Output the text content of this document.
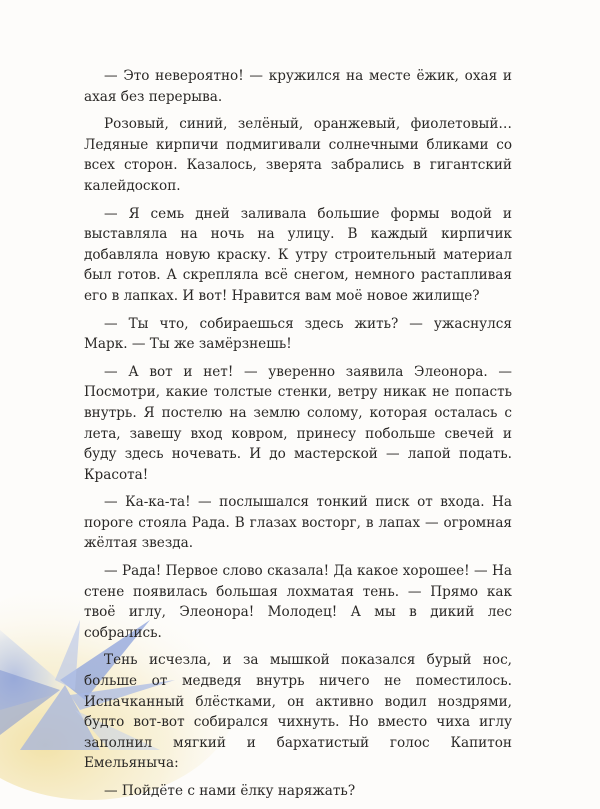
— Это невероятно! — кружился на месте ёжик, охая и ахая без перерыва.

Розовый, синий, зелёный, оранжевый, фиолетовый… Ледяные кирпичи подмигивали солнечными бликами со всех сторон. Казалось, зверята забрались в гигантский калейдоскоп.

— Я семь дней заливала большие формы водой и выставляла на ночь на улицу. В каждый кирпичик добавляла новую краску. К утру строительный материал был готов. А скрепляла всё снегом, немного растапливая его в лапках. И вот! Нравится вам моё новое жилище?

— Ты что, собираешься здесь жить? — ужаснулся Марк. — Ты же замёрзнешь!

— А вот и нет! — уверенно заявила Элеонора. — Посмотри, какие толстые стенки, ветру никак не попасть внутрь. Я постелю на землю солому, которая осталась с лета, завешу вход ковром, принесу побольше свечей и буду здесь ночевать. И до мастерской — лапой подать. Красота!

— Ка-ка-та! — послышался тонкий писк от входа. На пороге стояла Рада. В глазах восторг, в лапах — огромная жёлтая звезда.

— Рада! Первое слово сказала! Да какое хорошее! — На стене появилась большая лохматая тень. — Прямо как твоё иглу, Элеонора! Молодец! А мы в дикий лес собрались.

Тень исчезла, и за мышкой показался бурый нос, больше от медведя внутрь ничего не поместилось. Испачканный блёстками, он активно водил ноздрями, будто вот-вот собирался чихнуть. Но вместо чиха иглу заполнил мягкий и бархатистый голос Капитон Емельяныча:

— Пойдёте с нами ёлку наряжать?
